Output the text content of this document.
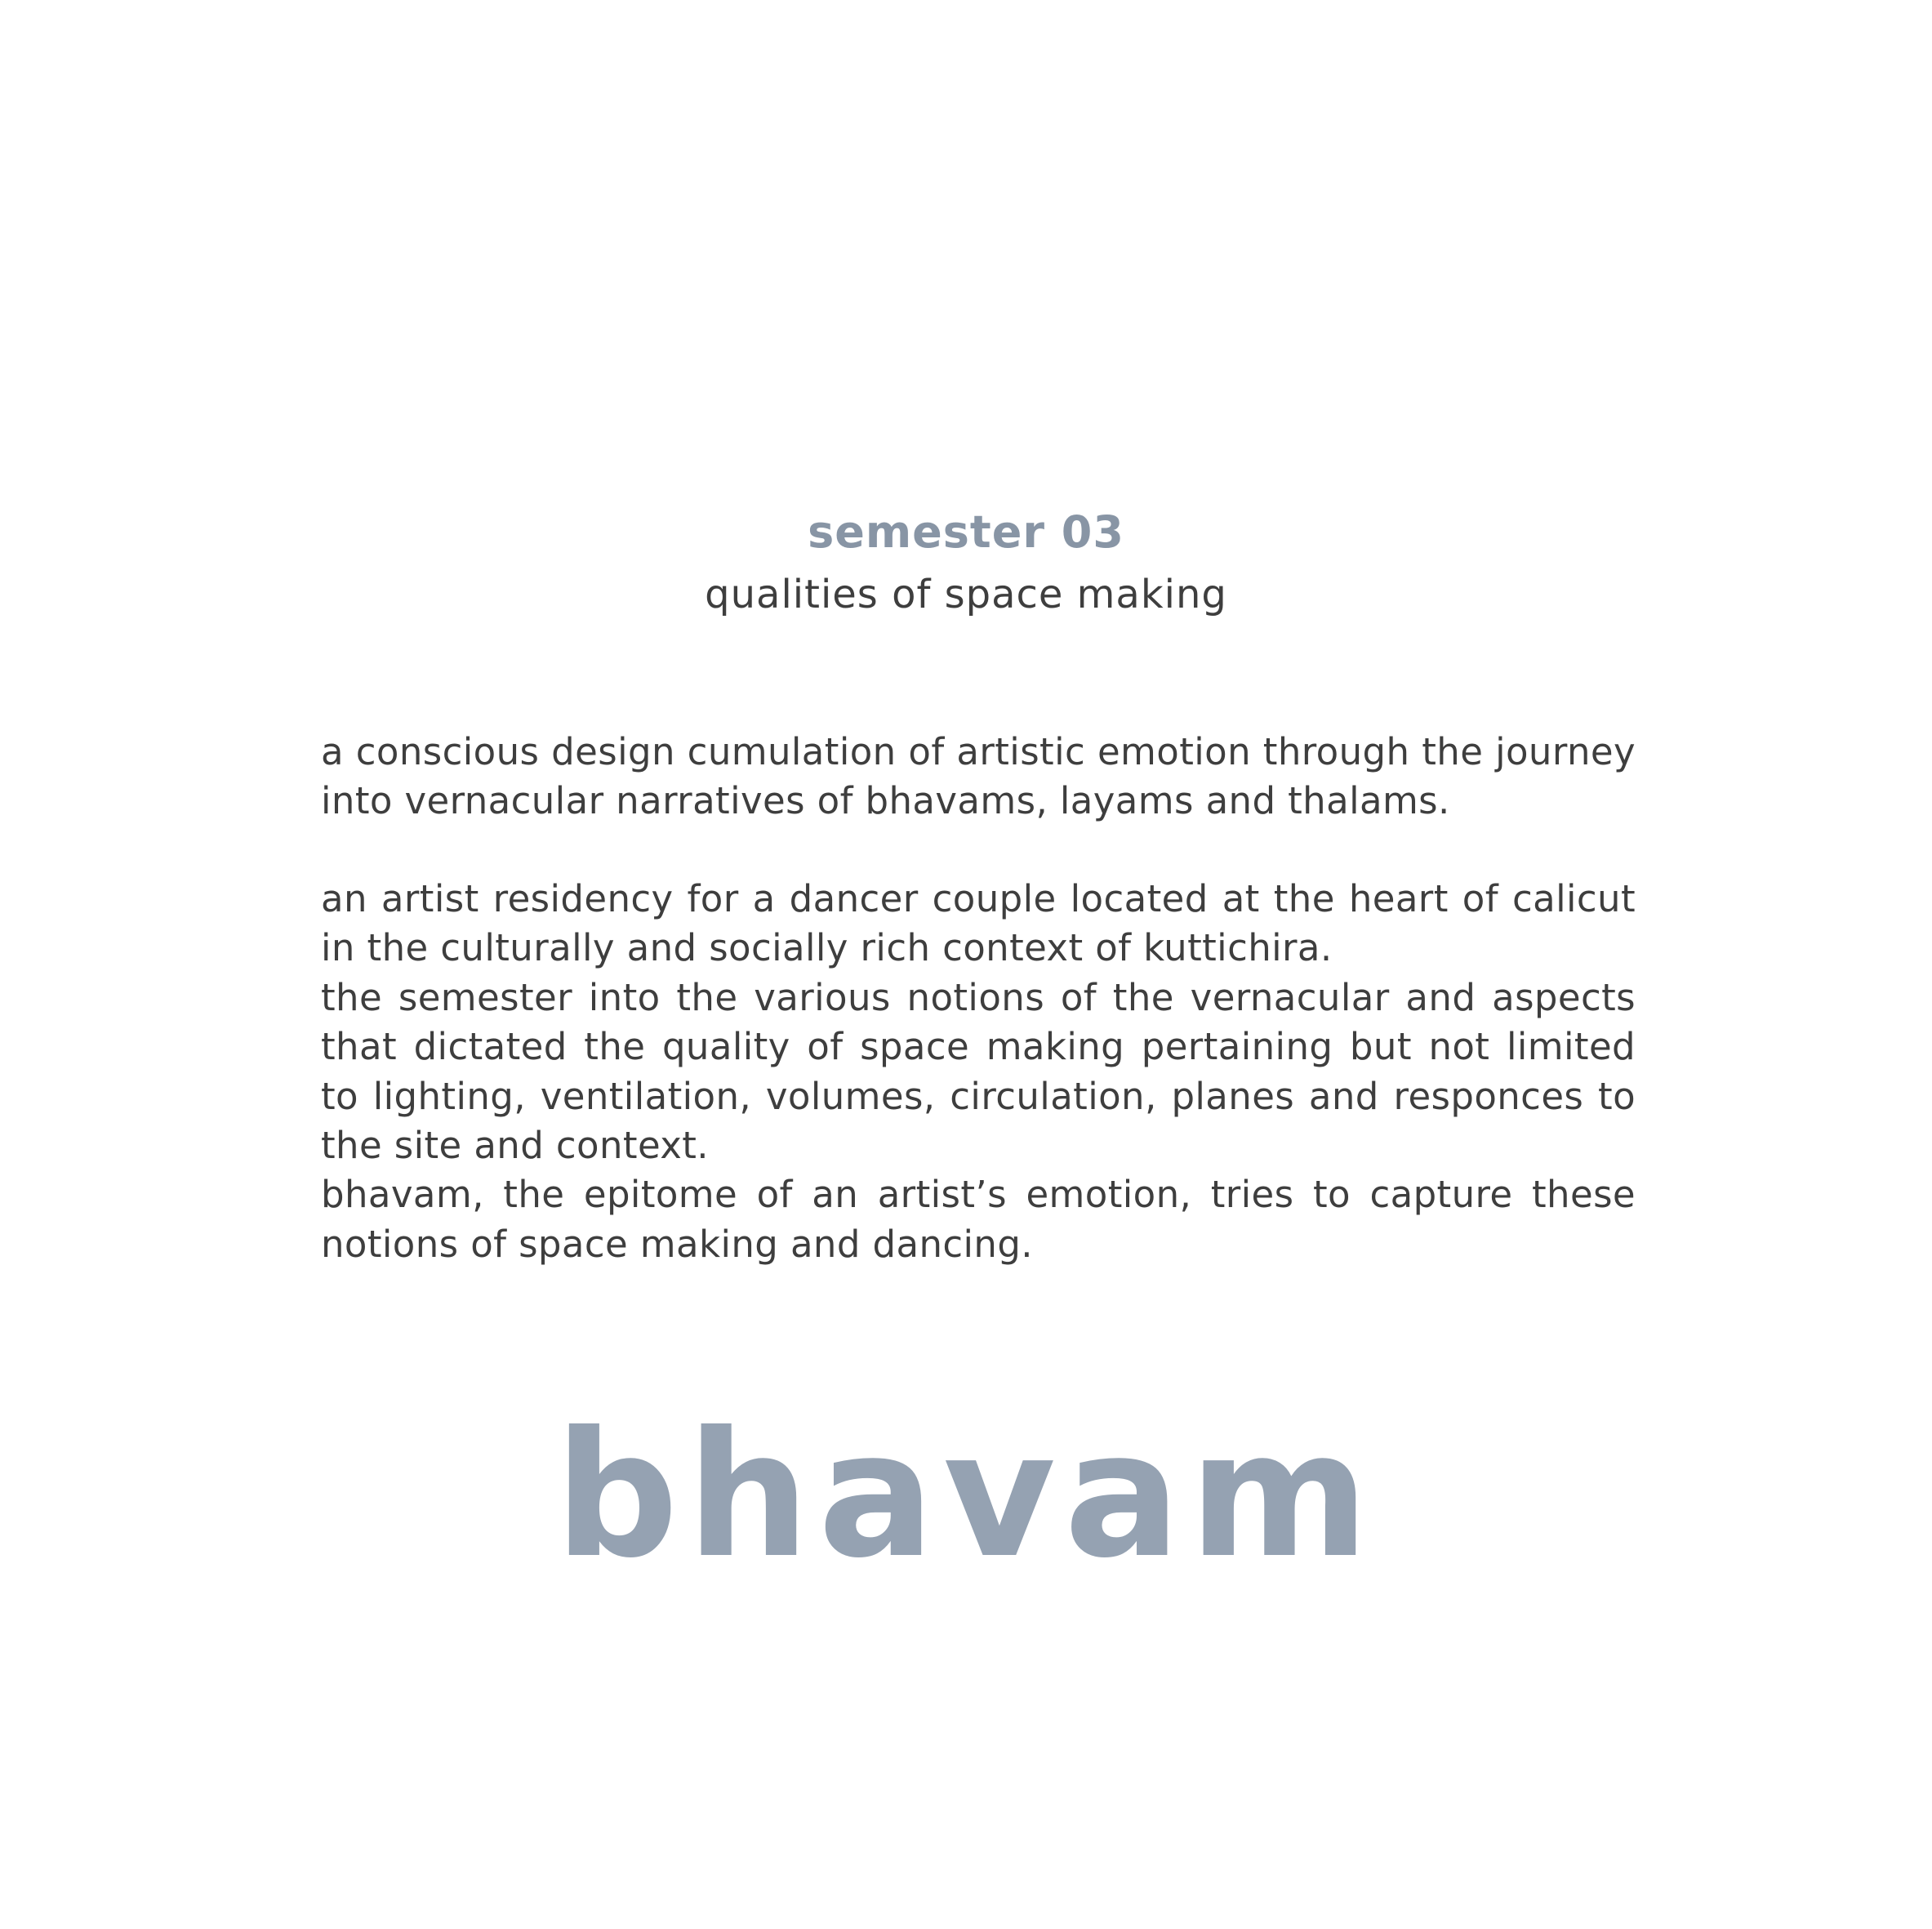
semester 03
qualities of space making

a conscious design cumulation of artistic emotion through the journey into vernacular narratives of bhavams, layams and thalams.

an artist residency for a dancer couple located at the heart of calicut in the culturally and socially rich context of kuttichira.

the semester into the various notions of the vernacular and aspects that dictated the quality of space making pertaining but not limited to lighting, ventilation, volumes, circulation, planes and responces to the site and context.

bhavam, the epitome of an artist’s emotion, tries to capture these notions of space making and dancing.

bhavam
